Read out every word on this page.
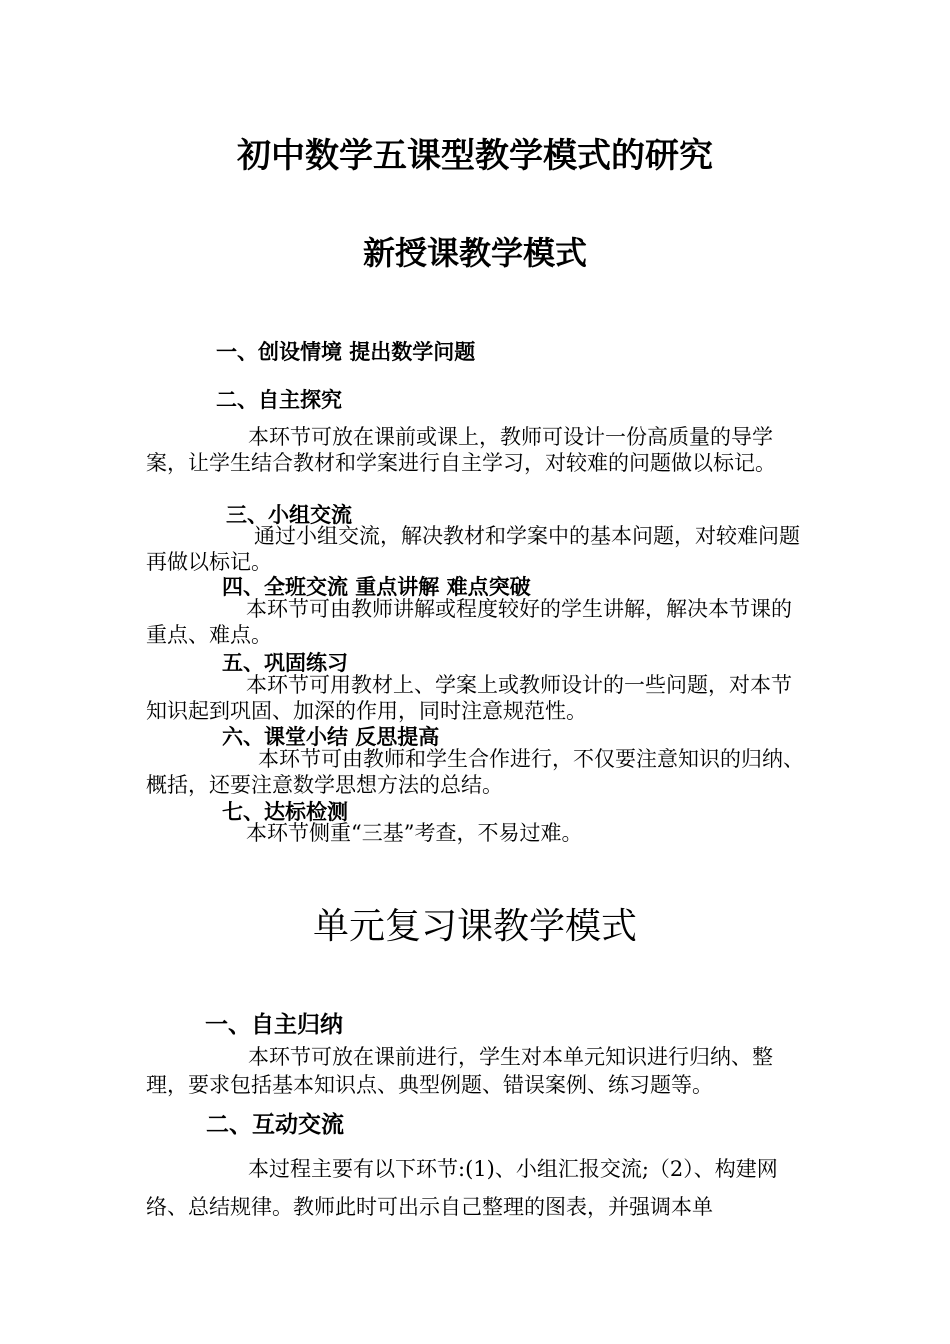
初中数学五课型教学模式的研究
新授课教学模式
一、创设情境 提出数学问题
二、自主探究
本环节可放在课前或课上，教师可设计一份高质量的导学案，让学生结合教材和学案进行自主学习，对较难的问题做以标记。
三、小组交流
通过小组交流，解决教材和学案中的基本问题，对较难问题再做以标记。
四、全班交流 重点讲解 难点突破
本环节可由教师讲解或程度较好的学生讲解，解决本节课的重点、难点。
五、巩固练习
本环节可用教材上、学案上或教师设计的一些问题，对本节知识起到巩固、加深的作用，同时注意规范性。
六、课堂小结 反思提高
本环节可由教师和学生合作进行，不仅要注意知识的归纳、概括，还要注意数学思想方法的总结。
七、达标检测
本环节侧重“三基”考查，不易过难。
单元复习课教学模式
一、自主归纳
本环节可放在课前进行，学生对本单元知识进行归纳、整理，要求包括基本知识点、典型例题、错误案例、练习题等。
二、互动交流
本过程主要有以下环节:(1)、小组汇报交流;（2）、构建网络、总结规律。教师此时可出示自己整理的图表，并强调本单
